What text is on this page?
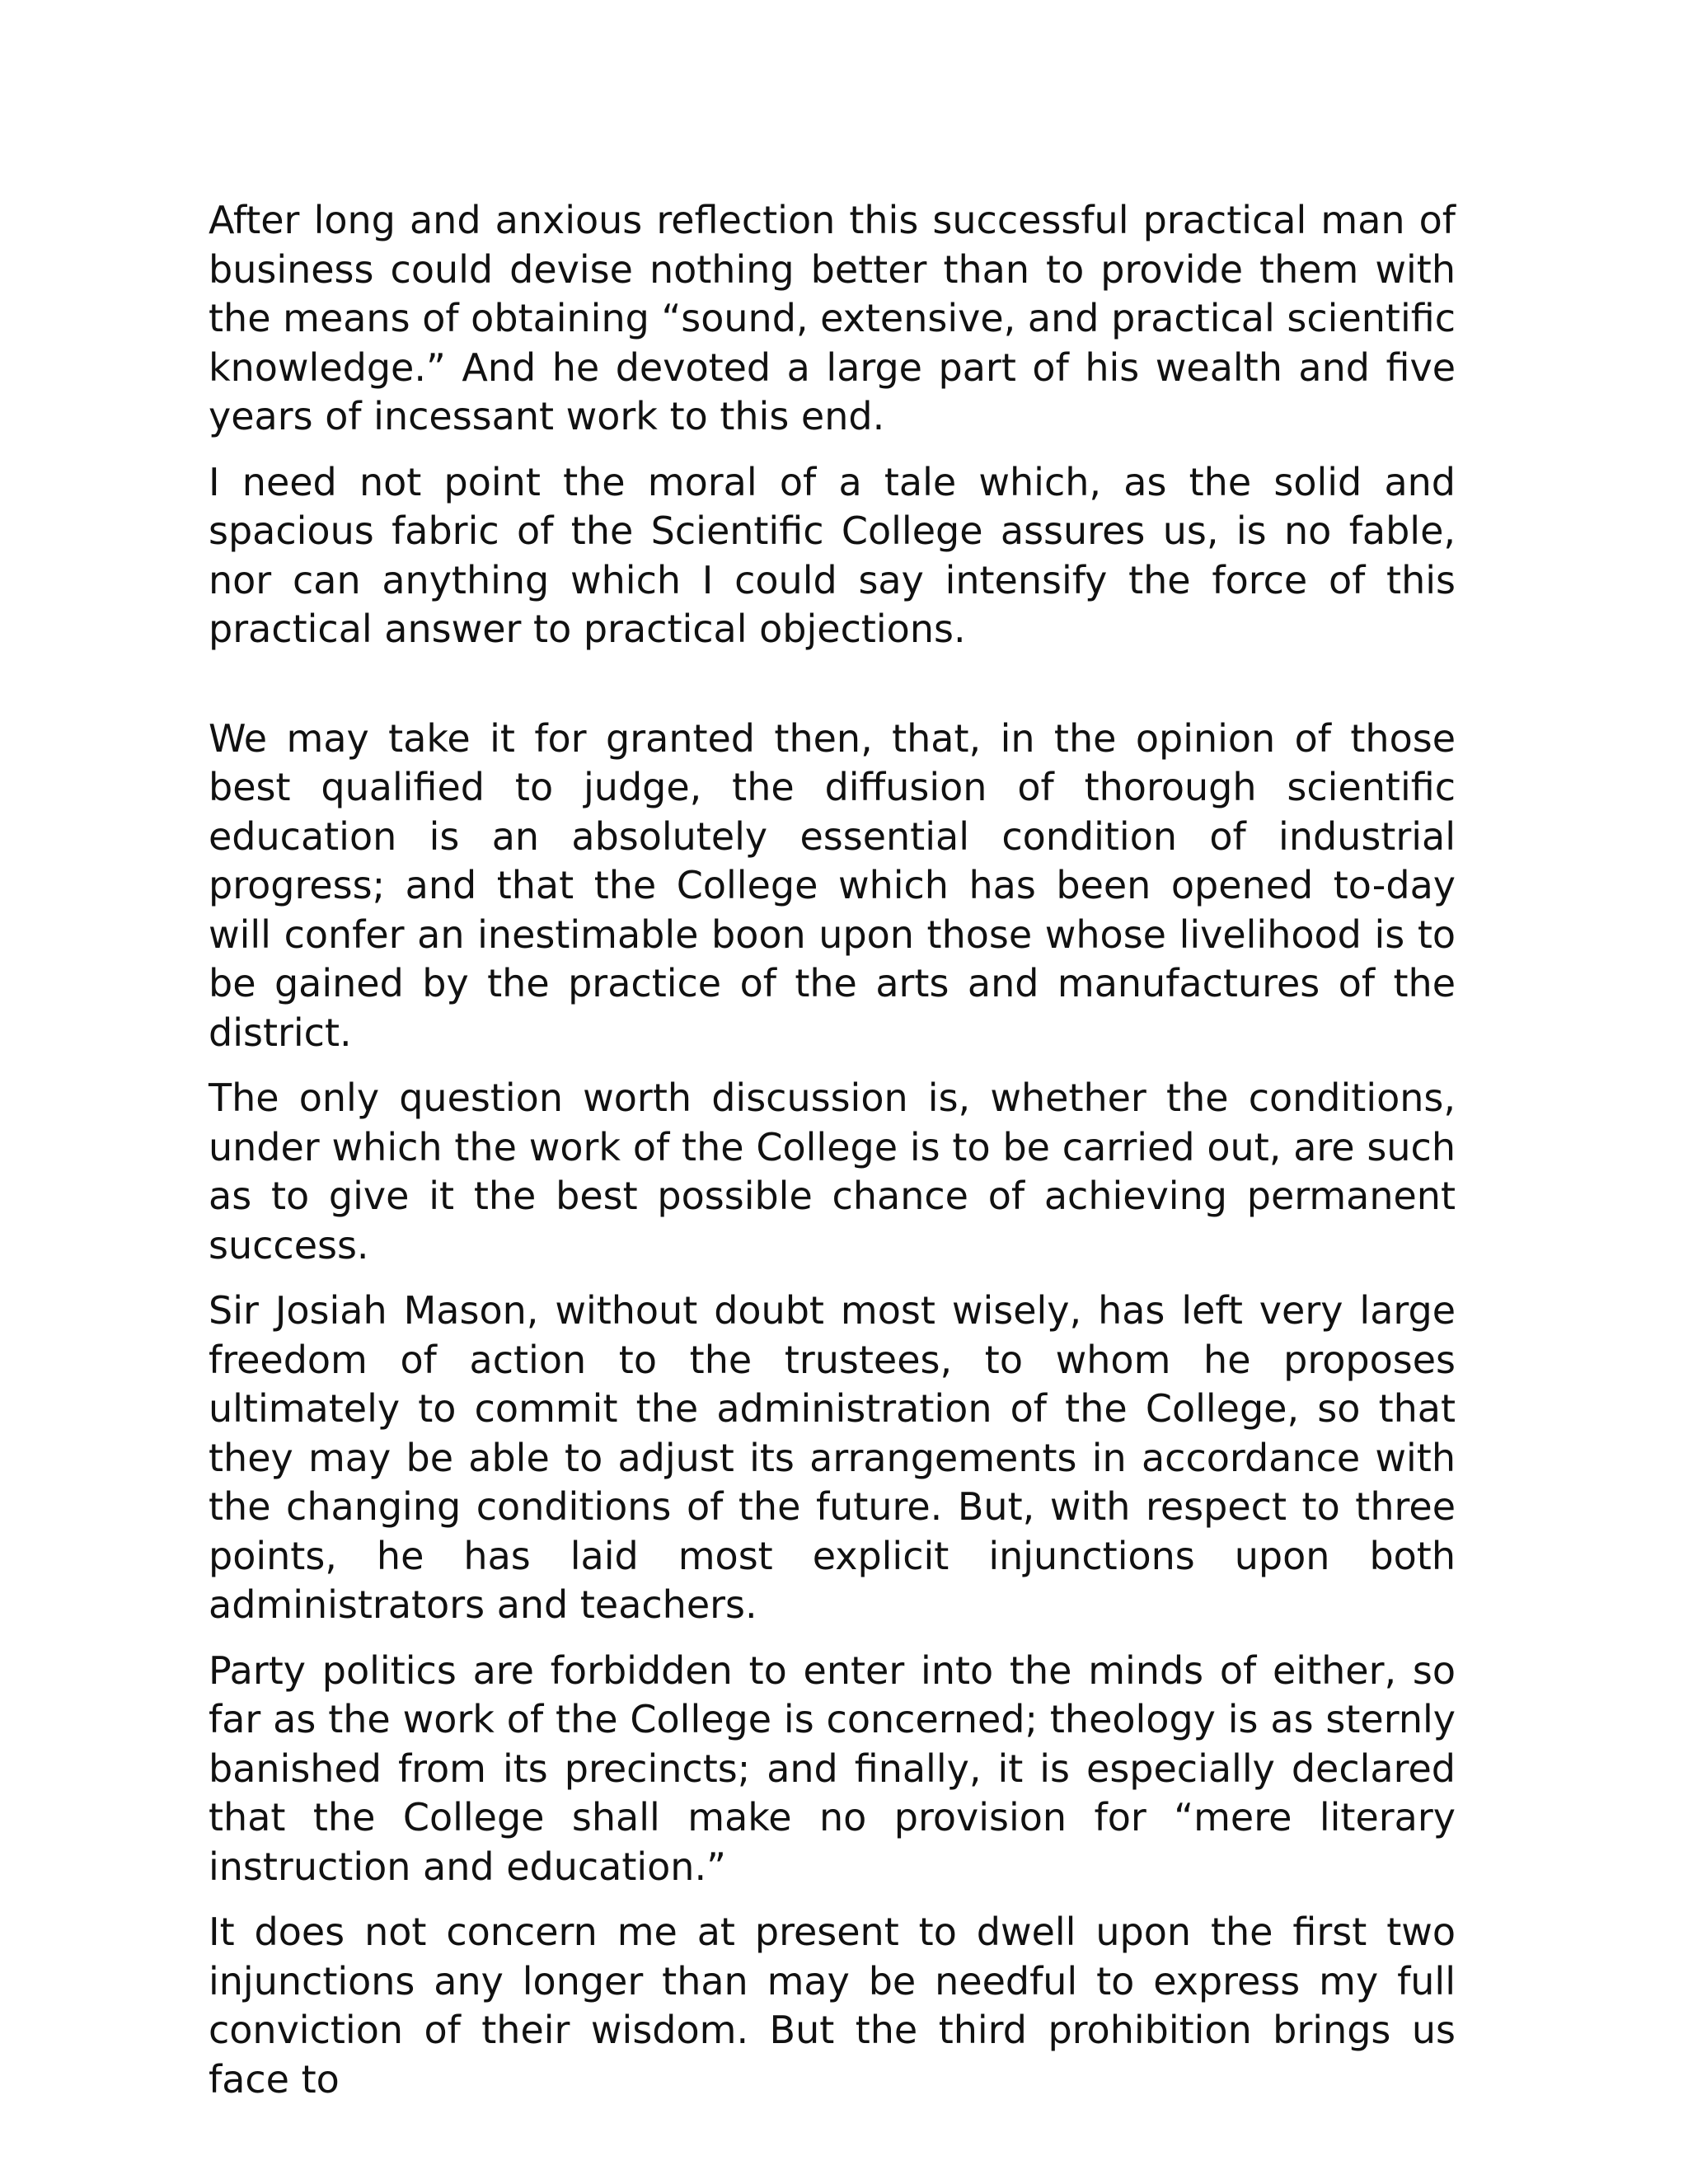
After long and anxious reflection this successful practical man of business could devise nothing better than to provide them with the means of obtaining “sound, extensive, and practical scientific knowledge.” And he devoted a large part of his wealth and five years of incessant work to this end.

I need not point the moral of a tale which, as the solid and spacious fabric of the Scientific College assures us, is no fable, nor can anything which I could say intensify the force of this practical answer to practical objections.

We may take it for granted then, that, in the opinion of those best qualified to judge, the diffusion of thorough scientific education is an absolutely essential condition of industrial progress; and that the College which has been opened to-day will confer an inestimable boon upon those whose livelihood is to be gained by the practice of the arts and manufactures of the district.

The only question worth discussion is, whether the conditions, under which the work of the College is to be carried out, are such as to give it the best possible chance of achieving permanent success.

Sir Josiah Mason, without doubt most wisely, has left very large freedom of action to the trustees, to whom he proposes ultimately to commit the administration of the College, so that they may be able to adjust its arrangements in accordance with the changing conditions of the future. But, with respect to three points, he has laid most explicit injunctions upon both administrators and teachers.

Party politics are forbidden to enter into the minds of either, so far as the work of the College is concerned; theology is as sternly banished from its precincts; and finally, it is especially declared that the College shall make no provision for “mere literary instruction and education.”

It does not concern me at present to dwell upon the first two injunctions any longer than may be needful to express my full conviction of their wisdom. But the third prohibition brings us face to
